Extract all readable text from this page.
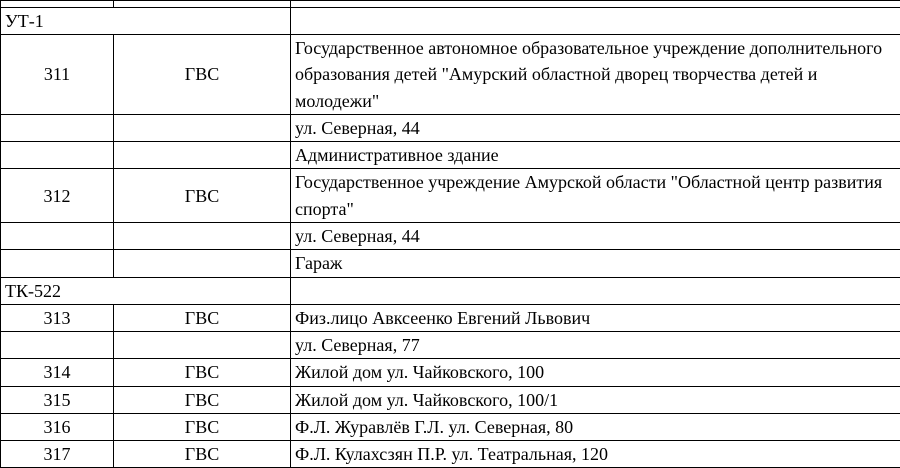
УТ-1		
311	ГВС	Государственное автономное образовательное учреждение дополнительного образования детей "Амурский областной дворец творчества детей и молодежи"
		ул. Северная, 44
		Административное здание
312	ГВС	Государственное учреждение Амурской области "Областной центр развития спорта"
		ул. Северная, 44
		Гараж
ТК-522		
313	ГВС	Физ.лицо Авксеенко Евгений Львович
		ул. Северная, 77
314	ГВС	Жилой дом ул. Чайковского, 100
315	ГВС	Жилой дом ул. Чайковского, 100/1
316	ГВС	Ф.Л. Журавлёв Г.Л. ул. Северная, 80
317	ГВС	Ф.Л. Кулахсзян П.Р. ул. Театральная, 120
